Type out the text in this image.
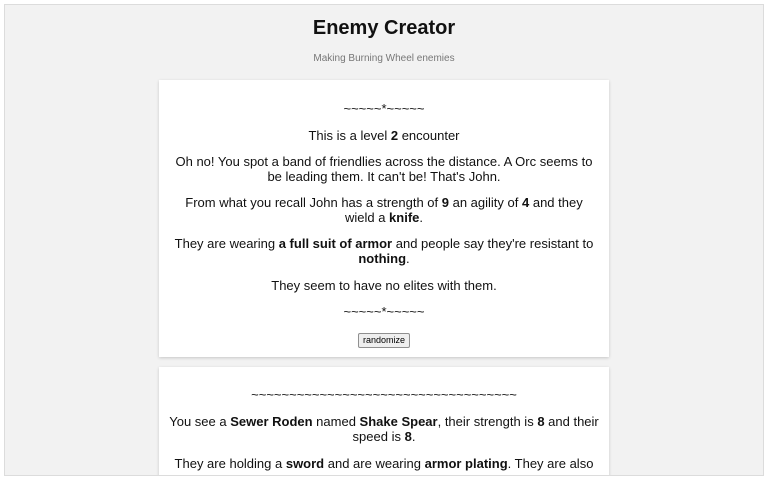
Enemy Creator
Making Burning Wheel enemies
~~~~~*~~~~~
This is a level 2 encounter
Oh no! You spot a band of friendlies across the distance. A Orc seems to be leading them. It can't be! That's John.
From what you recall John has a strength of 9 an agility of 4 and they wield a knife.
They are wearing a full suit of armor and people say they're resistant to nothing.
They seem to have no elites with them.
~~~~~*~~~~~
randomize
~~~~~~~~~~~~~~~~~~~~~~~~~~~~~~~~~~~
You see a Sewer Roden named Shake Spear, their strength is 8 and their speed is 8.
They are holding a sword and are wearing armor plating. They are also
